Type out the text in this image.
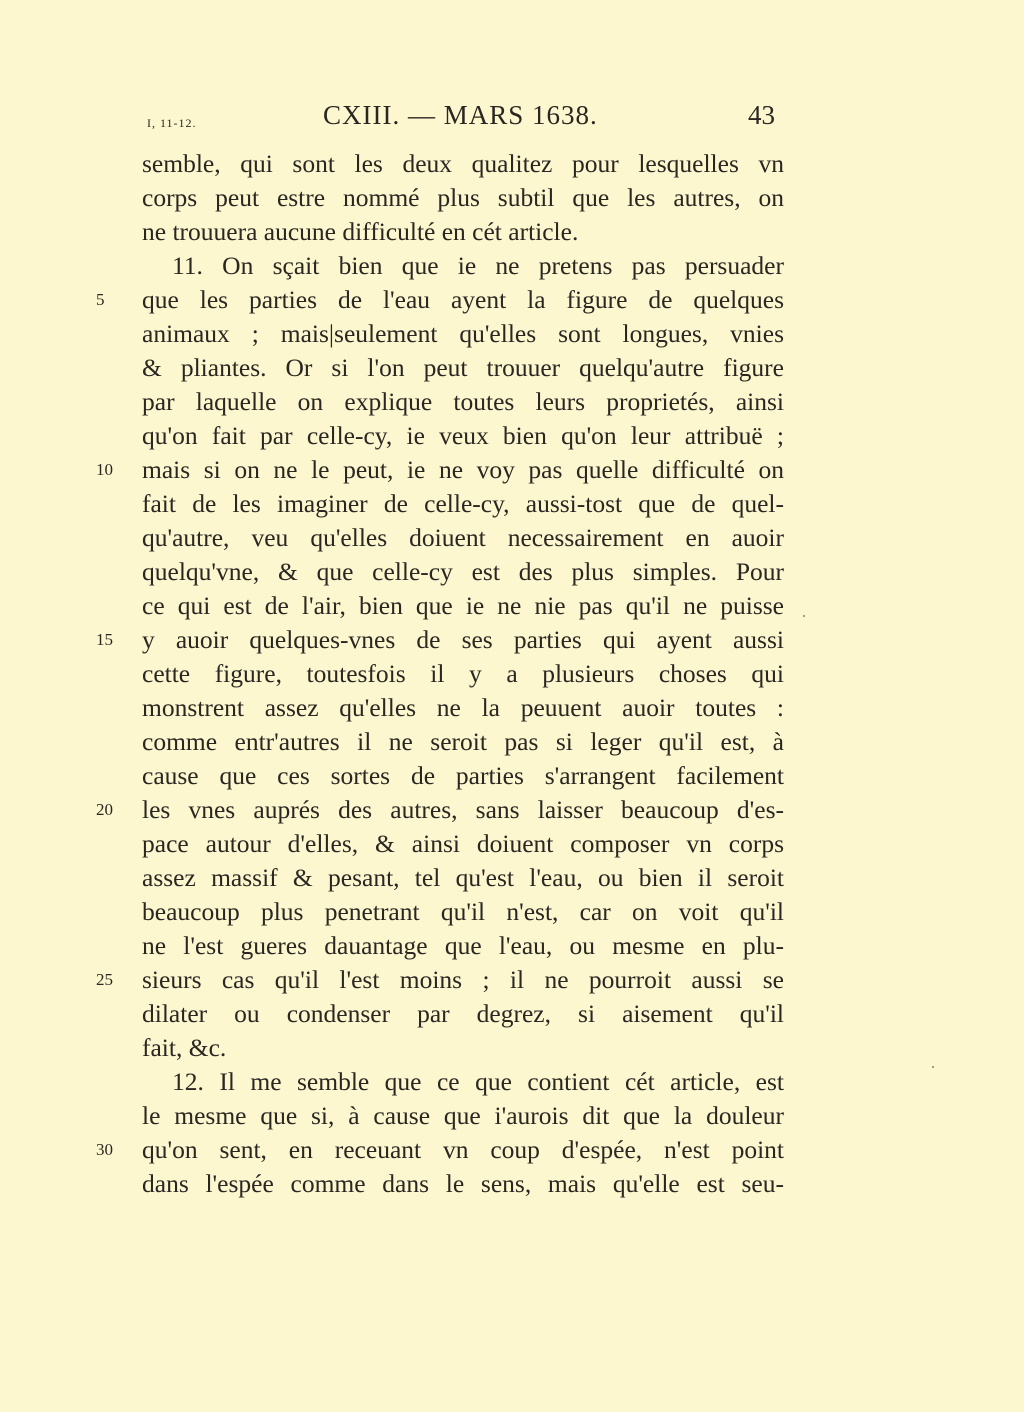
I, 11-12.	CXIII. — MARS 1638.	43
semble, qui sont les deux qualitez pour lesquelles vn
corps peut estre nommé plus subtil que les autres, on
ne trouuera aucune difficulté en cét article.
11. On sçait bien que ie ne pretens pas persuader
5	que les parties de l'eau ayent la figure de quelques
animaux ; mais|seulement qu'elles sont longues, vnies
& pliantes. Or si l'on peut trouuer quelqu'autre figure
par laquelle on explique toutes leurs proprietés, ainsi
qu'on fait par celle-cy, ie veux bien qu'on leur attribuë ;
10	mais si on ne le peut, ie ne voy pas quelle difficulté on
fait de les imaginer de celle-cy, aussi-tost que de quel-
qu'autre, veu qu'elles doiuent necessairement en auoir
quelqu'vne, & que celle-cy est des plus simples. Pour
ce qui est de l'air, bien que ie ne nie pas qu'il ne puisse
15	y auoir quelques-vnes de ses parties qui ayent aussi
cette figure, toutesfois il y a plusieurs choses qui
monstrent assez qu'elles ne la peuuent auoir toutes :
comme entr'autres il ne seroit pas si leger qu'il est, à
cause que ces sortes de parties s'arrangent facilement
20	les vnes auprés des autres, sans laisser beaucoup d'es-
pace autour d'elles, & ainsi doiuent composer vn corps
assez massif & pesant, tel qu'est l'eau, ou bien il seroit
beaucoup plus penetrant qu'il n'est, car on voit qu'il
ne l'est gueres dauantage que l'eau, ou mesme en plu-
25	sieurs cas qu'il l'est moins ; il ne pourroit aussi se
dilater ou condenser par degrez, si aisement qu'il
fait, &c.
12. Il me semble que ce que contient cét article, est
le mesme que si, à cause que i'aurois dit que la douleur
30	qu'on sent, en receuant vn coup d'espée, n'est point
dans l'espée comme dans le sens, mais qu'elle est seu-
